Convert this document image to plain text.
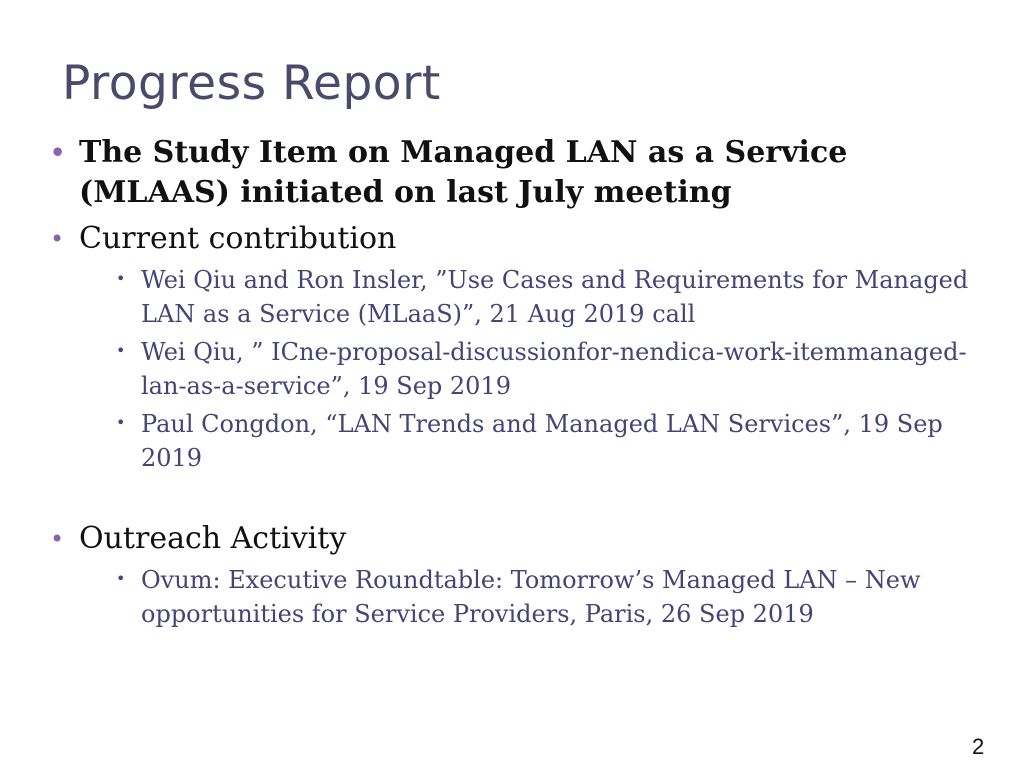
Progress Report

• The Study Item on Managed LAN as a Service (MLAAS) initiated on last July meeting

• Current contribution

• Wei Qiu and Ron Insler, ”Use Cases and Requirements for Managed LAN as a Service (MLaaS)”, 21 Aug 2019 call

• Wei Qiu, ” ICne-proposal-discussionfor-nendica-work-itemmanaged-lan-as-a-service”, 19 Sep 2019

• Paul Congdon, “LAN Trends and Managed LAN Services”, 19 Sep 2019

• Outreach Activity

• Ovum: Executive Roundtable: Tomorrow’s Managed LAN – New opportunities for Service Providers, Paris, 26 Sep 2019

2
